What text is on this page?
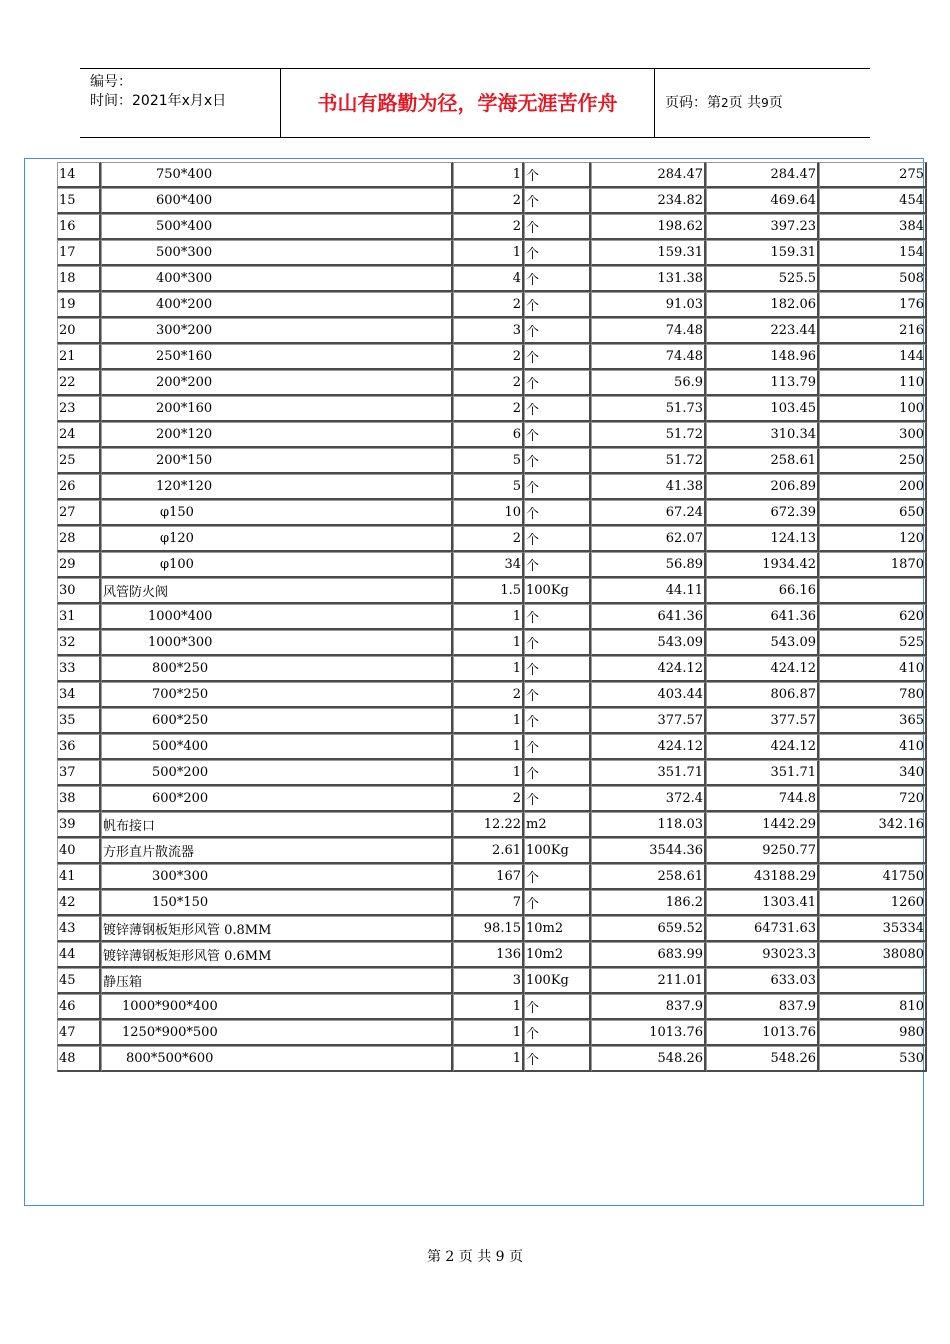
编号：
时间：2021年x月x日	书山有路勤为径，学海无涯苦作舟	页码：第2页 共9页
14	750*400	1	个	284.47	284.47	275
15	600*400	2	个	234.82	469.64	454
16	500*400	2	个	198.62	397.23	384
17	500*300	1	个	159.31	159.31	154
18	400*300	4	个	131.38	525.5	508
19	400*200	2	个	91.03	182.06	176
20	300*200	3	个	74.48	223.44	216
21	250*160	2	个	74.48	148.96	144
22	200*200	2	个	56.9	113.79	110
23	200*160	2	个	51.73	103.45	100
24	200*120	6	个	51.72	310.34	300
25	200*150	5	个	51.72	258.61	250
26	120*120	5	个	41.38	206.89	200
27	φ150	10	个	67.24	672.39	650
28	φ120	2	个	62.07	124.13	120
29	φ100	34	个	56.89	1934.42	1870
30	风管防火阀	1.5	100Kg	44.11	66.16	
31	1000*400	1	个	641.36	641.36	620
32	1000*300	1	个	543.09	543.09	525
33	800*250	1	个	424.12	424.12	410
34	700*250	2	个	403.44	806.87	780
35	600*250	1	个	377.57	377.57	365
36	500*400	1	个	424.12	424.12	410
37	500*200	1	个	351.71	351.71	340
38	600*200	2	个	372.4	744.8	720
39	帆布接口	12.22	m2	118.03	1442.29	342.16
40	方形直片散流器	2.61	100Kg	3544.36	9250.77	
41	300*300	167	个	258.61	43188.29	41750
42	150*150	7	个	186.2	1303.41	1260
43	镀锌薄钢板矩形风管 0.8MM	98.15	10m2	659.52	64731.63	35334
44	镀锌薄钢板矩形风管 0.6MM	136	10m2	683.99	93023.3	38080
45	静压箱	3	100Kg	211.01	633.03	
46	1000*900*400	1	个	837.9	837.9	810
47	1250*900*500	1	个	1013.76	1013.76	980
48	800*500*600	1	个	548.26	548.26	530
第 2 页 共 9 页
